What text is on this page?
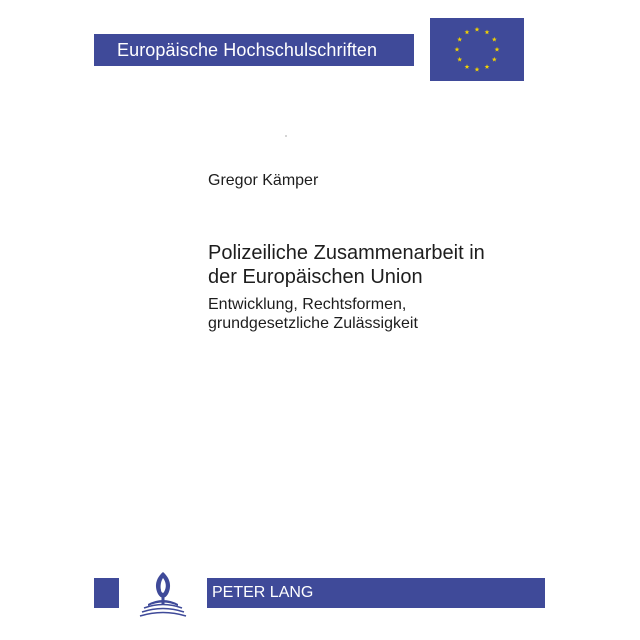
Europäische Hochschulschriften
Gregor Kämper
Polizeiliche Zusammenarbeit in
der Europäischen Union
Entwicklung, Rechtsformen,
grundgesetzliche Zulässigkeit
PETER LANG
